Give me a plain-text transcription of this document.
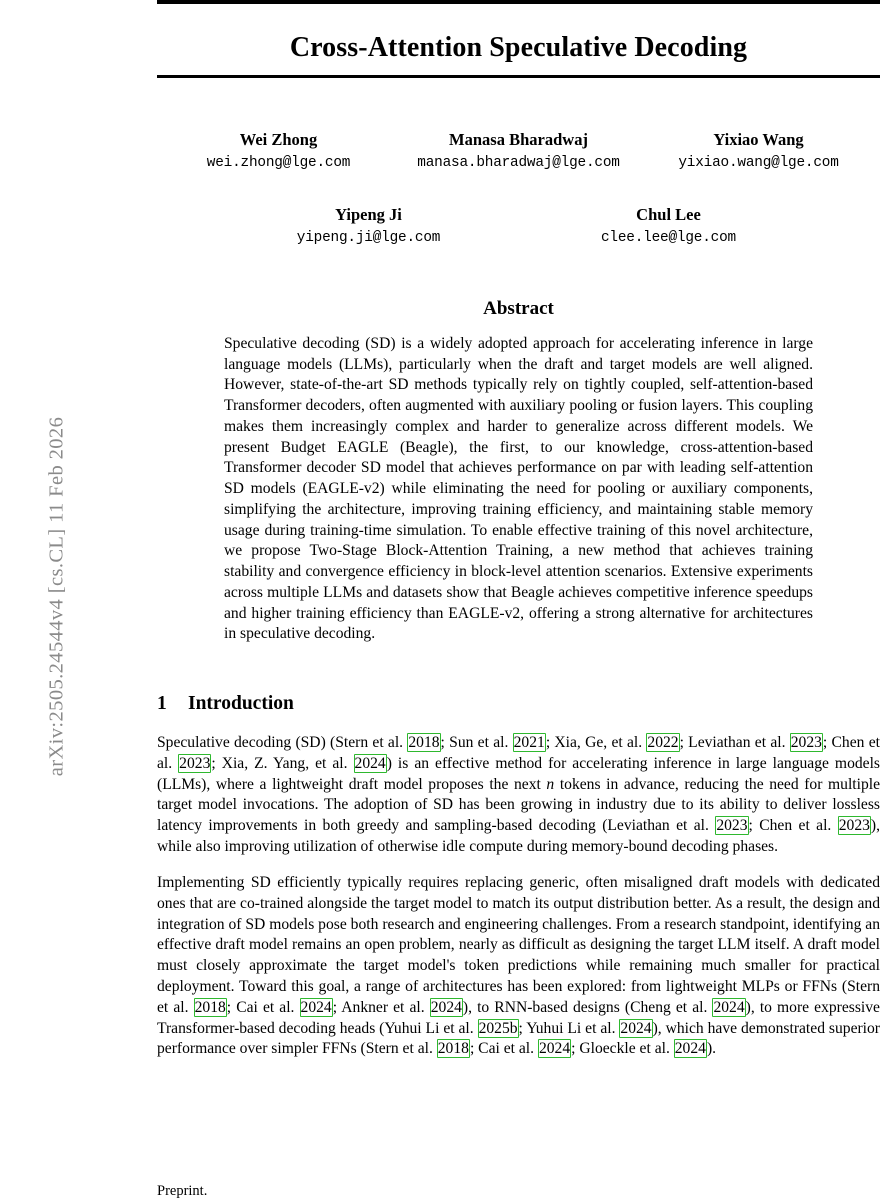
arXiv:2505.24544v4 [cs.CL] 11 Feb 2026
Cross-Attention Speculative Decoding
Wei Zhong
wei.zhong@lge.com
Manasa Bharadwaj
manasa.bharadwaj@lge.com
Yixiao Wang
yixiao.wang@lge.com
Yipeng Ji
yipeng.ji@lge.com
Chul Lee
clee.lee@lge.com
Abstract
Speculative decoding (SD) is a widely adopted approach for accelerating inference in large language models (LLMs), particularly when the draft and target models are well aligned. However, state-of-the-art SD methods typically rely on tightly coupled, self-attention-based Transformer decoders, often augmented with auxiliary pooling or fusion layers. This coupling makes them increasingly complex and harder to generalize across different models. We present Budget EAGLE (Beagle), the first, to our knowledge, cross-attention-based Transformer decoder SD model that achieves performance on par with leading self-attention SD models (EAGLE-v2) while eliminating the need for pooling or auxiliary components, simplifying the architecture, improving training efficiency, and maintaining stable memory usage during training-time simulation. To enable effective training of this novel architecture, we propose Two-Stage Block-Attention Training, a new method that achieves training stability and convergence efficiency in block-level attention scenarios. Extensive experiments across multiple LLMs and datasets show that Beagle achieves competitive inference speedups and higher training efficiency than EAGLE-v2, offering a strong alternative for architectures in speculative decoding.
1 Introduction
Speculative decoding (SD) (Stern et al. 2018; Sun et al. 2021; Xia, Ge, et al. 2022; Leviathan et al. 2023; Chen et al. 2023; Xia, Z. Yang, et al. 2024) is an effective method for accelerating inference in large language models (LLMs), where a lightweight draft model proposes the next n tokens in advance, reducing the need for multiple target model invocations. The adoption of SD has been growing in industry due to its ability to deliver lossless latency improvements in both greedy and sampling-based decoding (Leviathan et al. 2023; Chen et al. 2023), while also improving utilization of otherwise idle compute during memory-bound decoding phases.
Implementing SD efficiently typically requires replacing generic, often misaligned draft models with dedicated ones that are co-trained alongside the target model to match its output distribution better. As a result, the design and integration of SD models pose both research and engineering challenges. From a research standpoint, identifying an effective draft model remains an open problem, nearly as difficult as designing the target LLM itself. A draft model must closely approximate the target model's token predictions while remaining much smaller for practical deployment. Toward this goal, a range of architectures has been explored: from lightweight MLPs or FFNs (Stern et al. 2018; Cai et al. 2024; Ankner et al. 2024), to RNN-based designs (Cheng et al. 2024), to more expressive Transformer-based decoding heads (Yuhui Li et al. 2025b; Yuhui Li et al. 2024), which have demonstrated superior performance over simpler FFNs (Stern et al. 2018; Cai et al. 2024; Gloeckle et al. 2024).
Preprint.
